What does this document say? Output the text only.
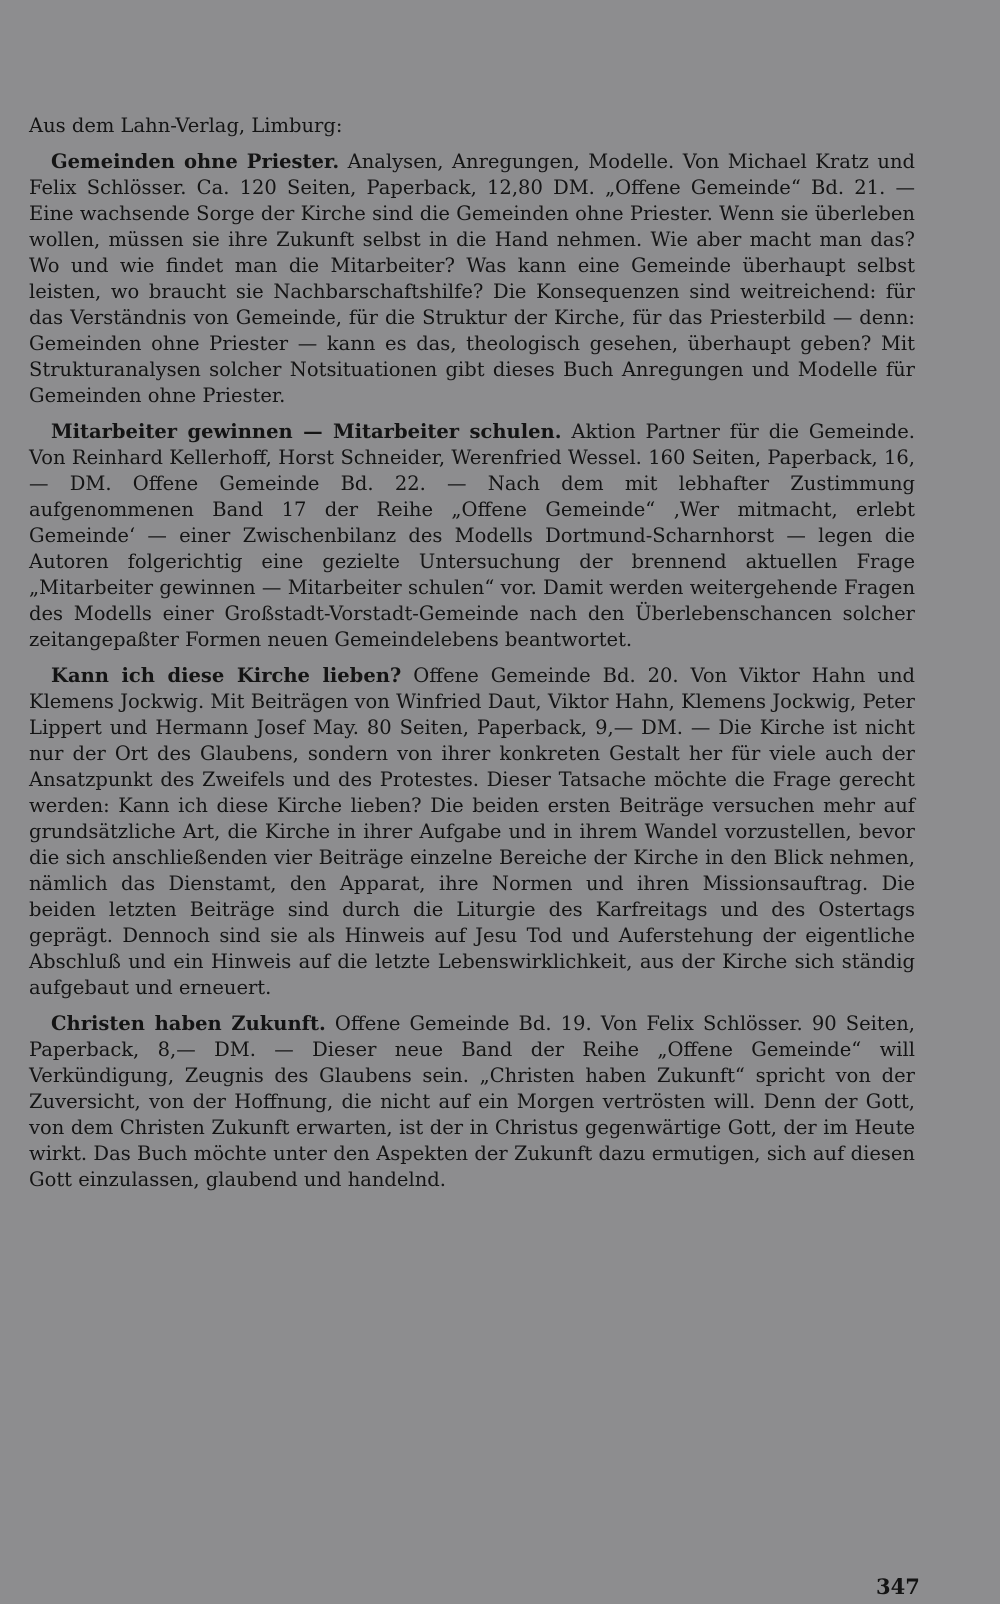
Aus dem Lahn-Verlag, Limburg:

Gemeinden ohne Priester. Analysen, Anregungen, Modelle. Von Michael Kratz und Felix Schlösser. Ca. 120 Seiten, Paperback, 12,80 DM. „Offene Gemeinde“ Bd. 21. — Eine wachsende Sorge der Kirche sind die Gemeinden ohne Priester. Wenn sie überleben wollen, müssen sie ihre Zukunft selbst in die Hand nehmen. Wie aber macht man das? Wo und wie findet man die Mitarbeiter? Was kann eine Gemeinde überhaupt selbst leisten, wo braucht sie Nachbarschaftshilfe? Die Konsequenzen sind weitreichend: für das Verständnis von Gemeinde, für die Struktur der Kirche, für das Priesterbild — denn: Gemeinden ohne Priester — kann es das, theologisch gesehen, überhaupt geben? Mit Strukturanalysen solcher Notsituationen gibt dieses Buch Anregungen und Modelle für Gemeinden ohne Priester.

Mitarbeiter gewinnen — Mitarbeiter schulen. Aktion Partner für die Gemeinde. Von Reinhard Kellerhoff, Horst Schneider, Werenfried Wessel. 160 Seiten, Paperback, 16,— DM. Offene Gemeinde Bd. 22. — Nach dem mit lebhafter Zustimmung aufgenommenen Band 17 der Reihe „Offene Gemeinde“ ‚Wer mitmacht, erlebt Gemeinde‘ — einer Zwischenbilanz des Modells Dortmund-Scharnhorst — legen die Autoren folgerichtig eine gezielte Untersuchung der brennend aktuellen Frage „Mitarbeiter gewinnen — Mitarbeiter schulen“ vor. Damit werden weitergehende Fragen des Modells einer Großstadt-Vorstadt-Gemeinde nach den Überlebenschancen solcher zeitangepaßter Formen neuen Gemeindelebens beantwortet.

Kann ich diese Kirche lieben? Offene Gemeinde Bd. 20. Von Viktor Hahn und Klemens Jockwig. Mit Beiträgen von Winfried Daut, Viktor Hahn, Klemens Jockwig, Peter Lippert und Hermann Josef May. 80 Seiten, Paperback, 9,— DM. — Die Kirche ist nicht nur der Ort des Glaubens, sondern von ihrer konkreten Gestalt her für viele auch der Ansatzpunkt des Zweifels und des Protestes. Dieser Tatsache möchte die Frage gerecht werden: Kann ich diese Kirche lieben? Die beiden ersten Beiträge versuchen mehr auf grundsätzliche Art, die Kirche in ihrer Aufgabe und in ihrem Wandel vorzustellen, bevor die sich anschließenden vier Beiträge einzelne Bereiche der Kirche in den Blick nehmen, nämlich das Dienstamt, den Apparat, ihre Normen und ihren Missionsauftrag. Die beiden letzten Beiträge sind durch die Liturgie des Karfreitags und des Ostertags geprägt. Dennoch sind sie als Hinweis auf Jesu Tod und Auferstehung der eigentliche Abschluß und ein Hinweis auf die letzte Lebenswirklichkeit, aus der Kirche sich ständig aufgebaut und erneuert.

Christen haben Zukunft. Offene Gemeinde Bd. 19. Von Felix Schlösser. 90 Seiten, Paperback, 8,— DM. — Dieser neue Band der Reihe „Offene Gemeinde“ will Verkündigung, Zeugnis des Glaubens sein. „Christen haben Zukunft“ spricht von der Zuversicht, von der Hoffnung, die nicht auf ein Morgen vertrösten will. Denn der Gott, von dem Christen Zukunft erwarten, ist der in Christus gegenwärtige Gott, der im Heute wirkt. Das Buch möchte unter den Aspekten der Zukunft dazu ermutigen, sich auf diesen Gott einzulassen, glaubend und handelnd.

347
